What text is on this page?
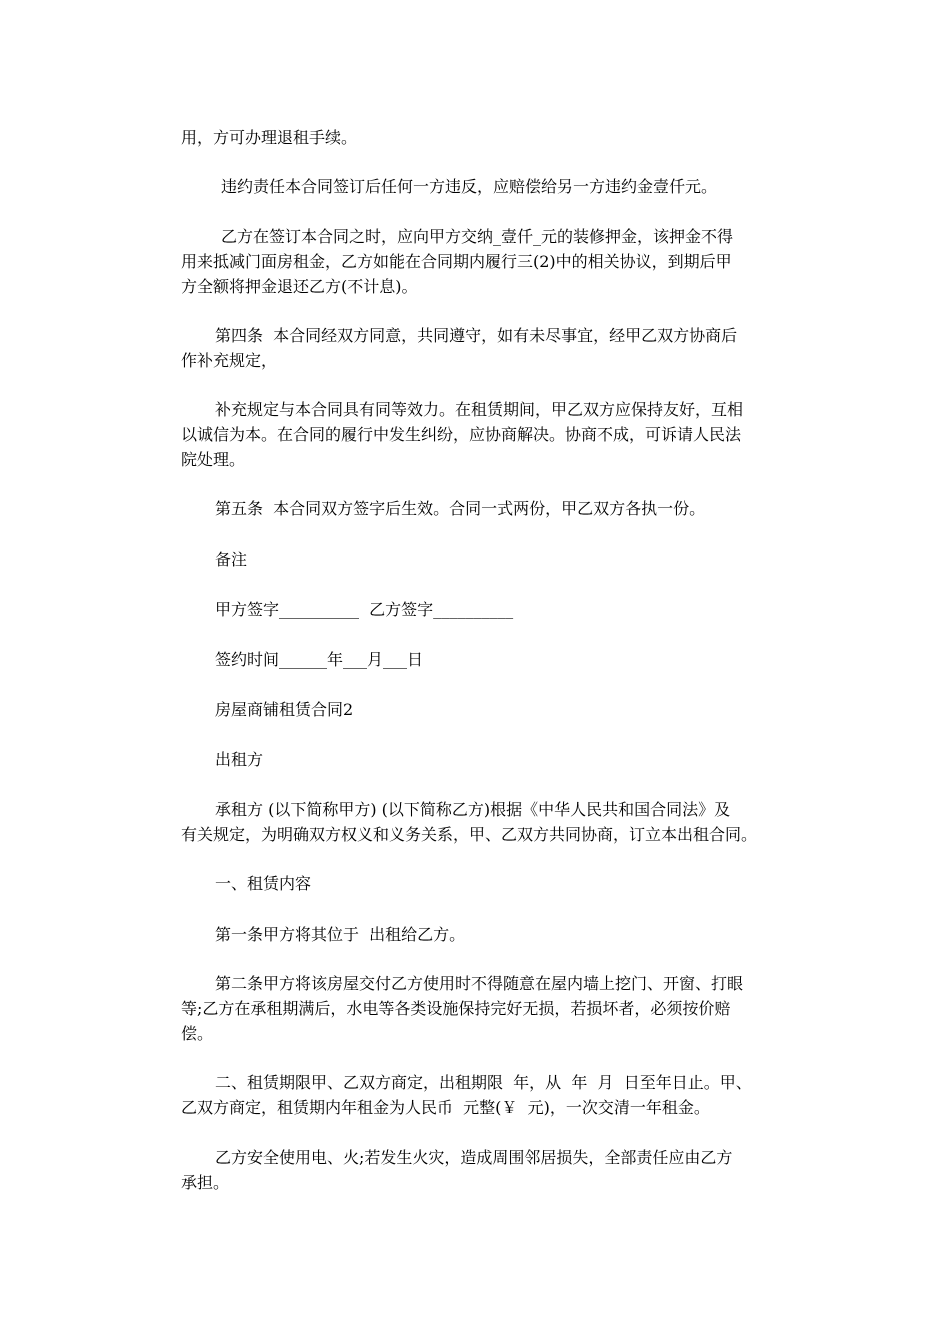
用，方可办理退租手续。

违约责任本合同签订后任何一方违反，应赔偿给另一方违约金壹仟元。

乙方在签订本合同之时，应向甲方交纳_壹仟_元的装修押金，该押金不得
用来抵减门面房租金，乙方如能在合同期内履行三(2)中的相关协议，到期后甲
方全额将押金退还乙方(不计息)。

第四条  本合同经双方同意，共同遵守，如有未尽事宜，经甲乙双方协商后
作补充规定，

补充规定与本合同具有同等效力。在租赁期间，甲乙双方应保持友好，互相
以诚信为本。在合同的履行中发生纠纷，应协商解决。协商不成，可诉请人民法
院处理。

第五条  本合同双方签字后生效。合同一式两份，甲乙双方各执一份。

备注

甲方签字__________  乙方签字__________

签约时间______年___月___日

房屋商铺租赁合同2

出租方

承租方 (以下简称甲方) (以下简称乙方)根据《中华人民共和国合同法》及
有关规定，为明确双方权义和义务关系，甲、乙双方共同协商，订立本出租合同。

一、租赁内容

第一条甲方将其位于  出租给乙方。

第二条甲方将该房屋交付乙方使用时不得随意在屋内墙上挖门、开窗、打眼
等;乙方在承租期满后，水电等各类设施保持完好无损，若损坏者，必须按价赔
偿。

二、租赁期限甲、乙双方商定，出租期限  年，从  年  月  日至年日止。甲、
乙双方商定，租赁期内年租金为人民币  元整(￥  元)，一次交清一年租金。

乙方安全使用电、火;若发生火灾，造成周围邻居损失，全部责任应由乙方
承担。
